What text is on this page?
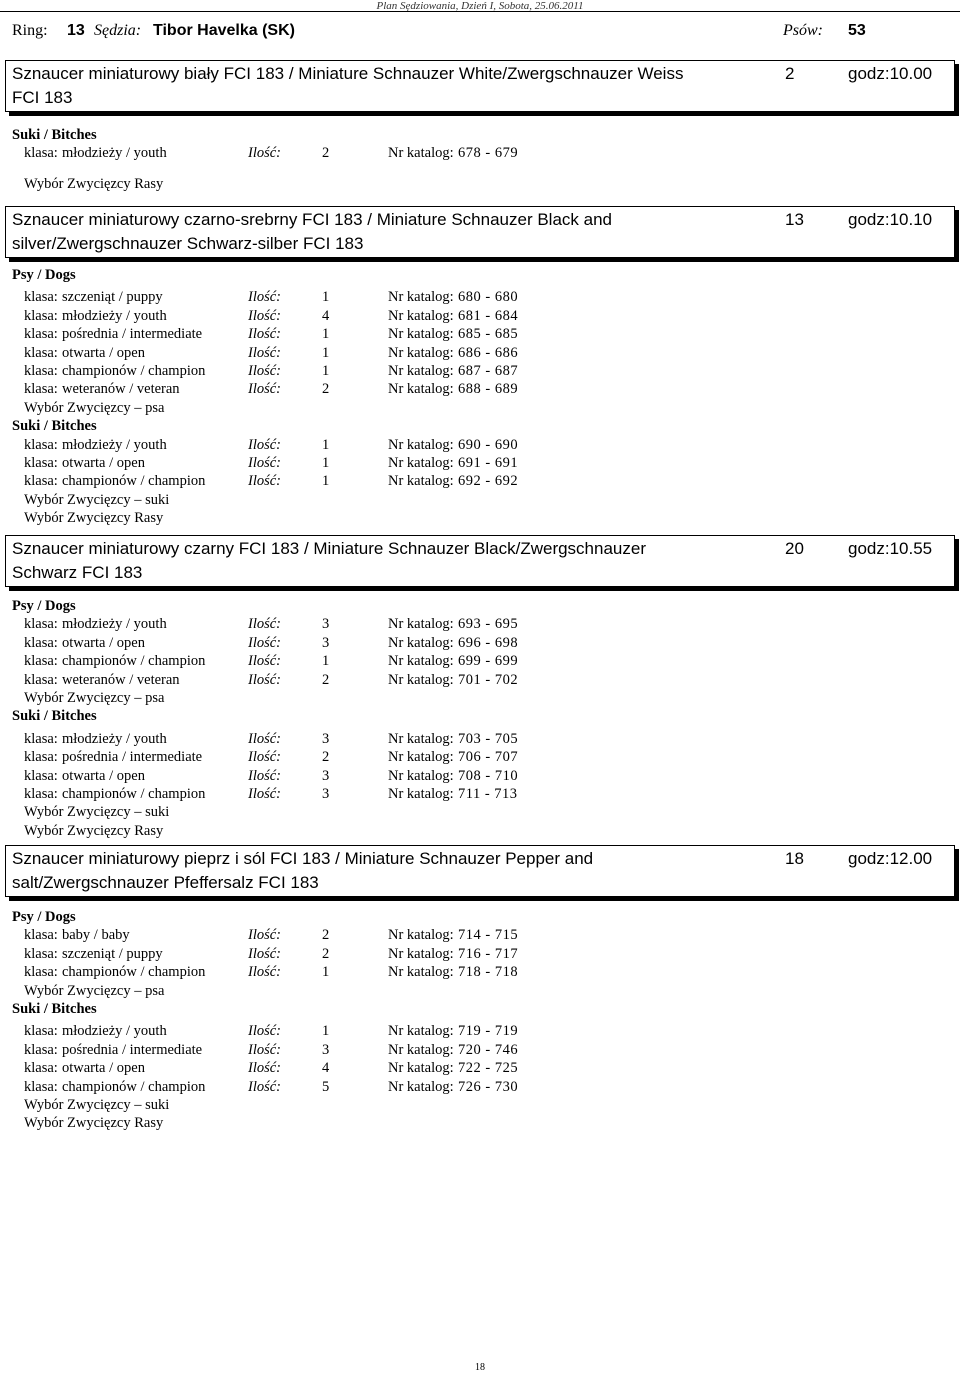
Plan Sędziowania, Dzień I, Sobota, 25.06.2011
Ring: 13 Sędzia: Tibor Havelka (SK)	Psów: 53
Sznaucer miniaturowy biały FCI 183 / Miniature Schnauzer White/Zwergschnauzer Weiss FCI 183
2	godz:10.00
Suki / Bitches
klasa: młodzieży / youth	Ilość:	2	Nr katalog: 678 - 679
Wybór Zwycięzcy Rasy
Sznaucer miniaturowy czarno-srebrny FCI 183 / Miniature Schnauzer Black and silver/Zwergschnauzer Schwarz-silber FCI 183
13	godz:10.10
Psy / Dogs
klasa: szczeniąt / puppy	Ilość:	1	Nr katalog: 680 - 680
klasa: młodzieży / youth	Ilość:	4	Nr katalog: 681 - 684
klasa: pośrednia / intermediate	Ilość:	1	Nr katalog: 685 - 685
klasa: otwarta / open	Ilość:	1	Nr katalog: 686 - 686
klasa: championów / champion	Ilość:	1	Nr katalog: 687 - 687
klasa: weteranów / veteran	Ilość:	2	Nr katalog: 688 - 689
Wybór Zwycięzcy – psa
Suki / Bitches
klasa: młodzieży / youth	Ilość:	1	Nr katalog: 690 - 690
klasa: otwarta / open	Ilość:	1	Nr katalog: 691 - 691
klasa: championów / champion	Ilość:	1	Nr katalog: 692 - 692
Wybór Zwycięzcy – suki
Wybór Zwycięzcy Rasy
Sznaucer miniaturowy czarny FCI 183 / Miniature Schnauzer Black/Zwergschnauzer Schwarz FCI 183
20	godz:10.55
Psy / Dogs
klasa: młodzieży / youth	Ilość:	3	Nr katalog: 693 - 695
klasa: otwarta / open	Ilość:	3	Nr katalog: 696 - 698
klasa: championów / champion	Ilość:	1	Nr katalog: 699 - 699
klasa: weteranów / veteran	Ilość:	2	Nr katalog: 701 - 702
Wybór Zwycięzcy – psa
Suki / Bitches
klasa: młodzieży / youth	Ilość:	3	Nr katalog: 703 - 705
klasa: pośrednia / intermediate	Ilość:	2	Nr katalog: 706 - 707
klasa: otwarta / open	Ilość:	3	Nr katalog: 708 - 710
klasa: championów / champion	Ilość:	3	Nr katalog: 711 - 713
Wybór Zwycięzcy – suki
Wybór Zwycięzcy Rasy
Sznaucer miniaturowy pieprz i sól FCI 183 / Miniature Schnauzer Pepper and salt/Zwergschnauzer Pfeffersalz FCI 183
18	godz:12.00
Psy / Dogs
klasa: baby / baby	Ilość:	2	Nr katalog: 714 - 715
klasa: szczeniąt / puppy	Ilość:	2	Nr katalog: 716 - 717
klasa: championów / champion	Ilość:	1	Nr katalog: 718 - 718
Wybór Zwycięzcy – psa
Suki / Bitches
klasa: młodzieży / youth	Ilość:	1	Nr katalog: 719 - 719
klasa: pośrednia / intermediate	Ilość:	3	Nr katalog: 720 - 746
klasa: otwarta / open	Ilość:	4	Nr katalog: 722 - 725
klasa: championów / champion	Ilość:	5	Nr katalog: 726 - 730
Wybór Zwycięzcy – suki
Wybór Zwycięzcy Rasy
18
